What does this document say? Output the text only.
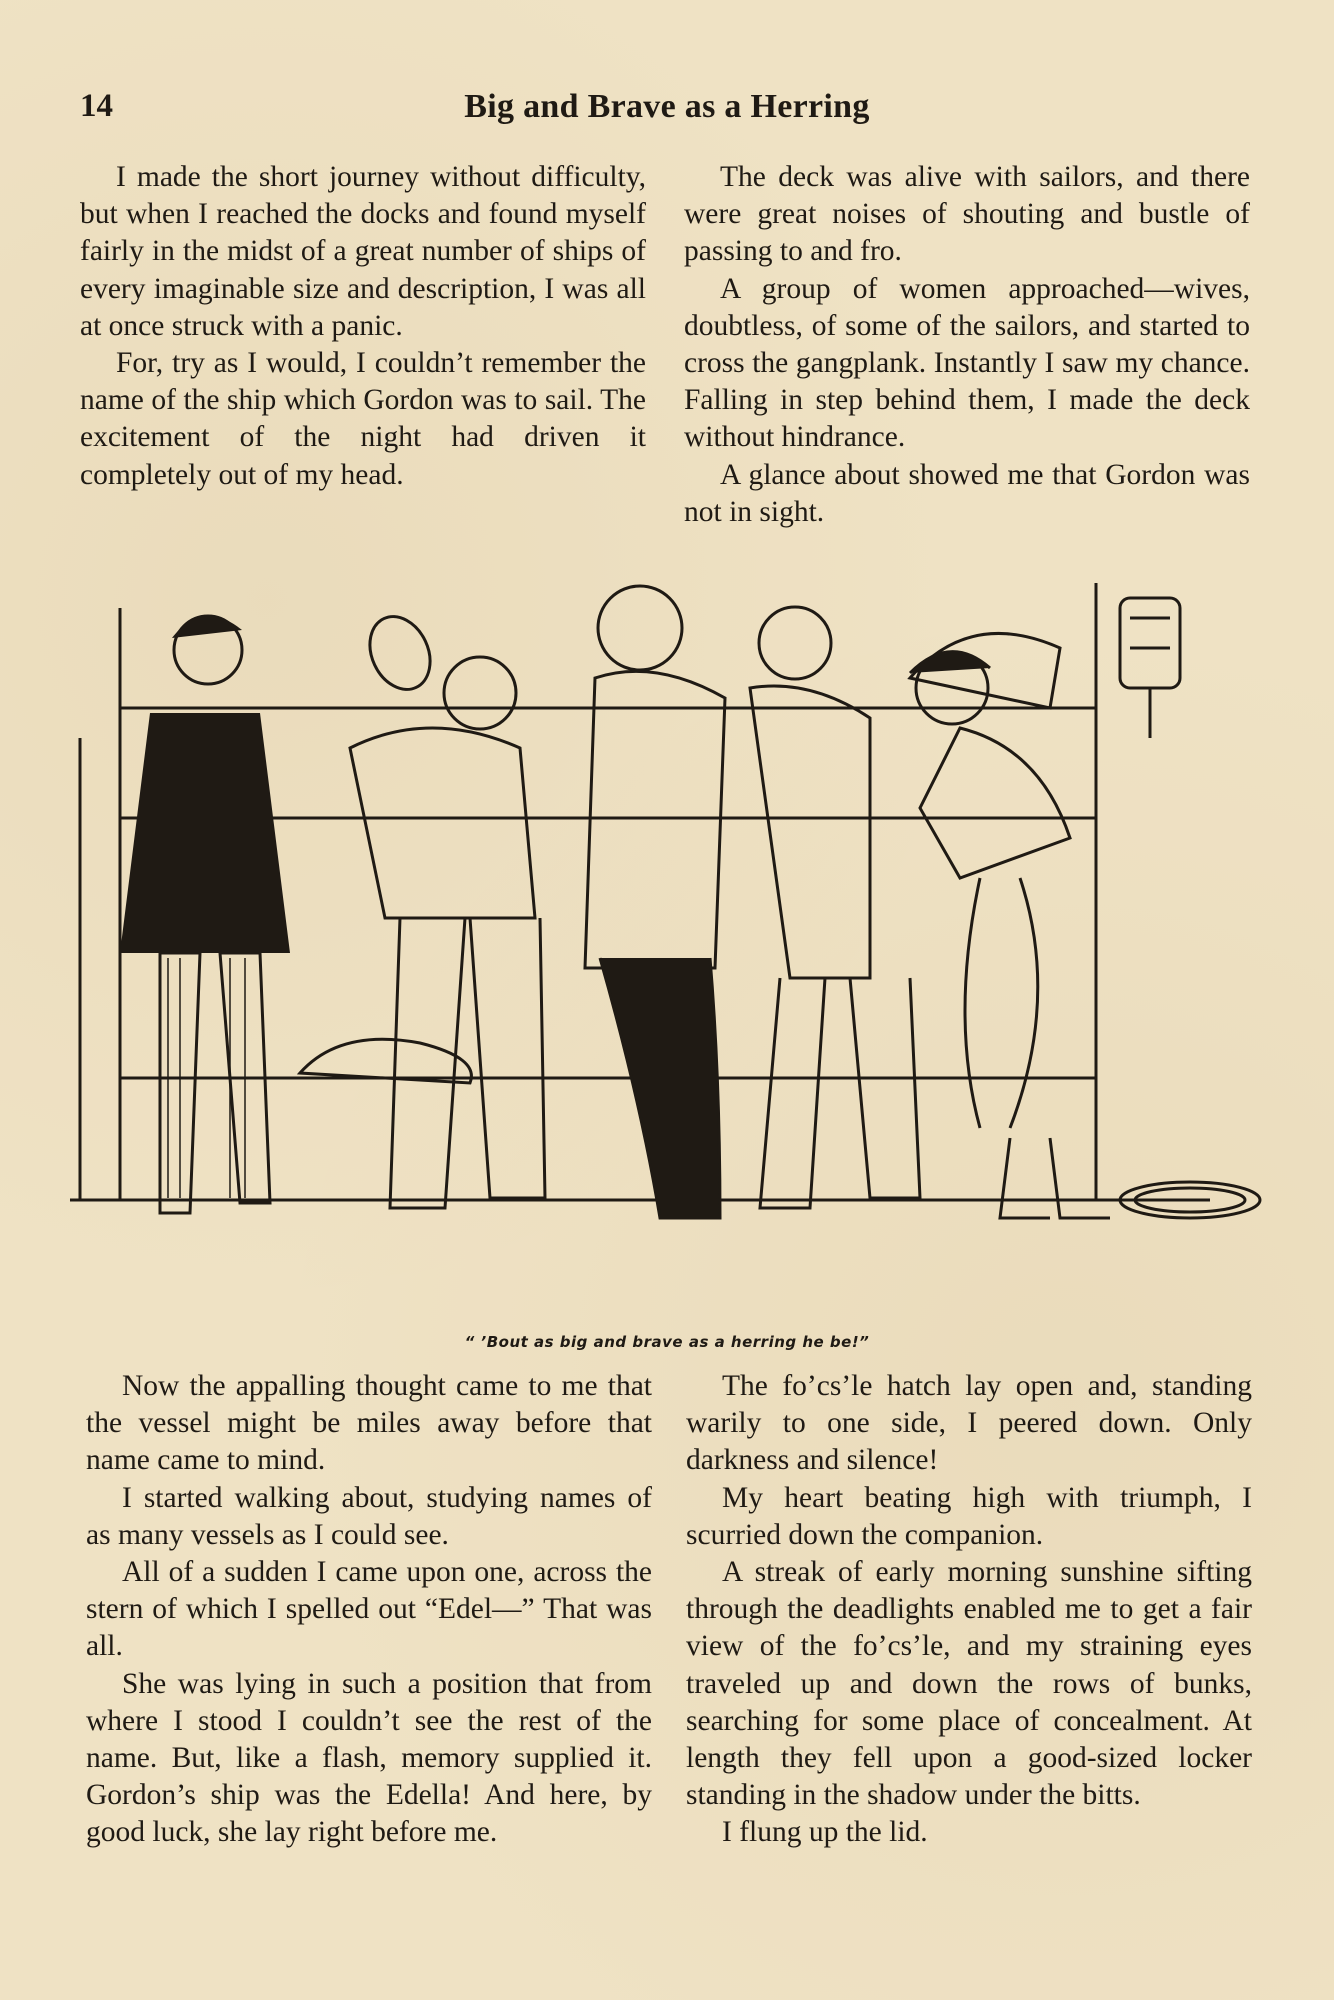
14	Big and Brave as a Herring

I made the short journey without difficulty, but when I reached the docks and found myself fairly in the midst of a great number of ships of every imaginable size and description, I was all at once struck with a panic.

For, try as I would, I couldn’t remember the name of the ship which Gordon was to sail. The excitement of the night had driven it completely out of my head.

The deck was alive with sailors, and there were great noises of shouting and bustle of passing to and fro.

A group of women approached—wives, doubtless, of some of the sailors, and started to cross the gangplank. Instantly I saw my chance. Falling in step behind them, I made the deck without hindrance.

A glance about showed me that Gordon was not in sight.

“ ’Bout as big and brave as a herring he be!”

Now the appalling thought came to me that the vessel might be miles away before that name came to mind.

I started walking about, studying names of as many vessels as I could see.

All of a sudden I came upon one, across the stern of which I spelled out “Edel—” That was all.

She was lying in such a position that from where I stood I couldn’t see the rest of the name. But, like a flash, memory supplied it. Gordon’s ship was the Edella! And here, by good luck, she lay right before me.

The fo’cs’le hatch lay open and, standing warily to one side, I peered down. Only darkness and silence!

My heart beating high with triumph, I scurried down the companion.

A streak of early morning sunshine sifting through the deadlights enabled me to get a fair view of the fo’cs’le, and my straining eyes traveled up and down the rows of bunks, searching for some place of concealment. At length they fell upon a good-sized locker standing in the shadow under the bitts.

I flung up the lid.
